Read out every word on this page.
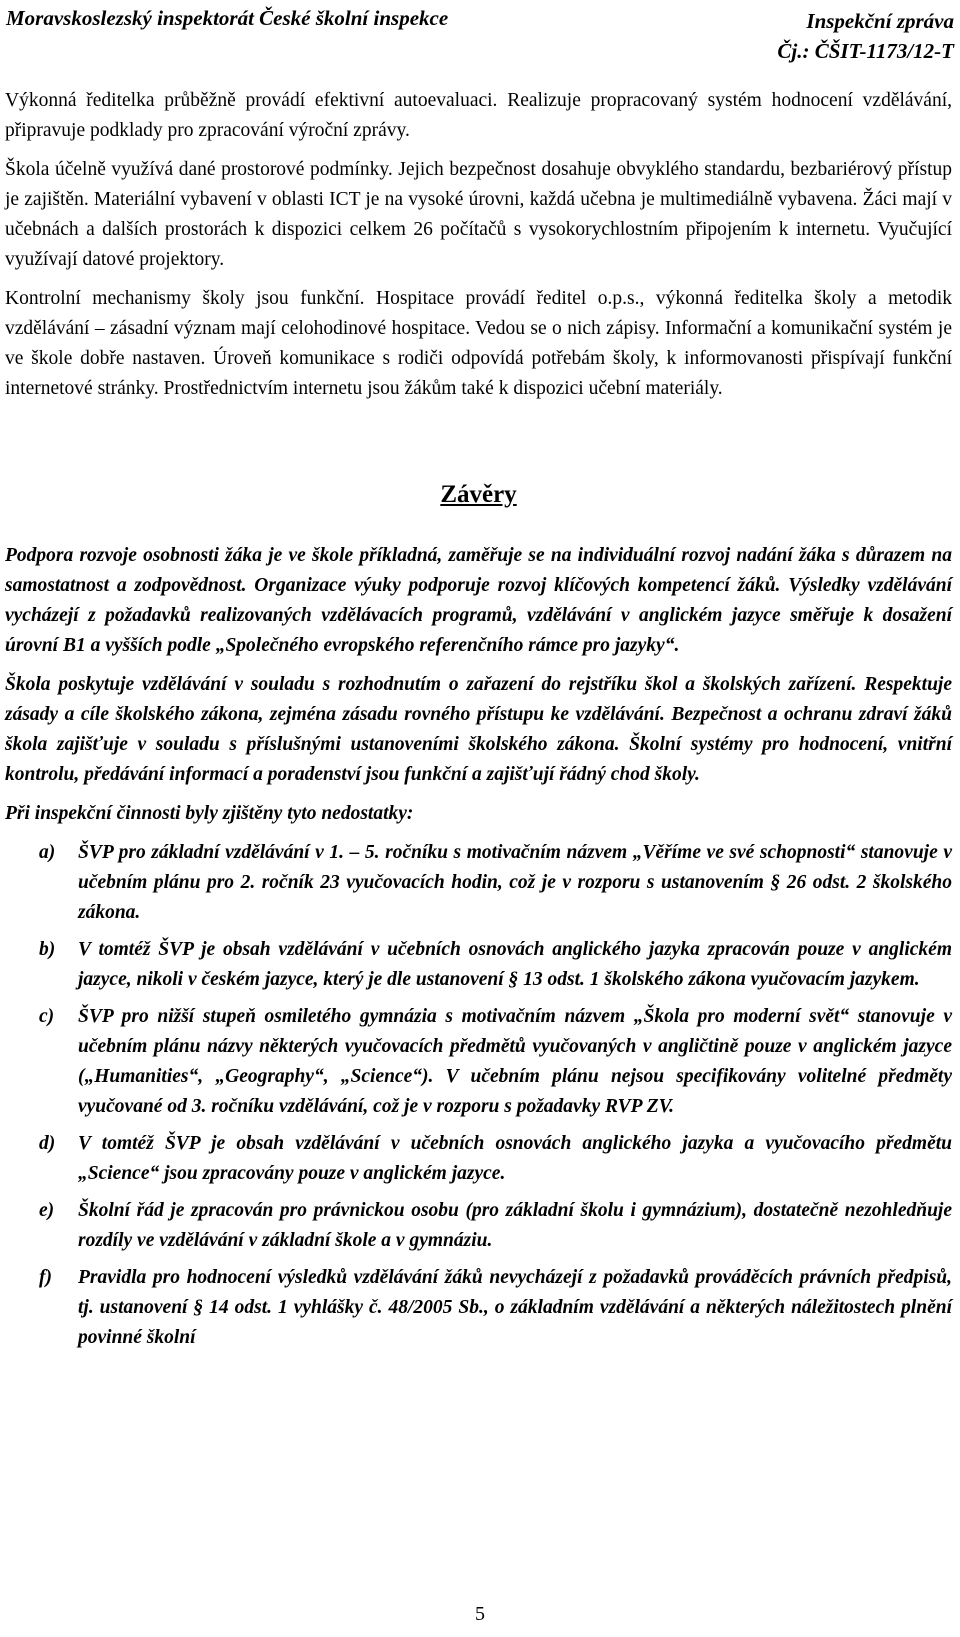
Moravskoslezský inspektorát České školní inspekce	Inspekční zpráva
Čj.: ČŠIT-1173/12-T

Výkonná ředitelka průběžně provádí efektivní autoevaluaci. Realizuje propracovaný systém hodnocení vzdělávání, připravuje podklady pro zpracování výroční zprávy.

Škola účelně využívá dané prostorové podmínky. Jejich bezpečnost dosahuje obvyklého standardu, bezbariérový přístup je zajištěn. Materiální vybavení v oblasti ICT je na vysoké úrovni, každá učebna je multimediálně vybavena. Žáci mají v učebnách a dalších prostorách k dispozici celkem 26 počítačů s vysokorychlostním připojením k internetu. Vyučující využívají datové projektory.

Kontrolní mechanismy školy jsou funkční. Hospitace provádí ředitel o.p.s., výkonná ředitelka školy a metodik vzdělávání – zásadní význam mají celohodinové hospitace. Vedou se o nich zápisy. Informační a komunikační systém je ve škole dobře nastaven. Úroveň komunikace s rodiči odpovídá potřebám školy, k informovanosti přispívají funkční internetové stránky. Prostřednictvím internetu jsou žákům také k dispozici učební materiály.

Závěry

Podpora rozvoje osobnosti žáka je ve škole příkladná, zaměřuje se na individuální rozvoj nadání žáka s důrazem na samostatnost a zodpovědnost. Organizace výuky podporuje rozvoj klíčových kompetencí žáků. Výsledky vzdělávání vycházejí z požadavků realizovaných vzdělávacích programů, vzdělávání v anglickém jazyce směřuje k dosažení úrovní B1 a vyšších podle „Společného evropského referenčního rámce pro jazyky“.

Škola poskytuje vzdělávání v souladu s rozhodnutím o zařazení do rejstříku škol a školských zařízení. Respektuje zásady a cíle školského zákona, zejména zásadu rovného přístupu ke vzdělávání. Bezpečnost a ochranu zdraví žáků škola zajišťuje v souladu s příslušnými ustanoveními školského zákona. Školní systémy pro hodnocení, vnitřní kontrolu, předávání informací a poradenství jsou funkční a zajišťují řádný chod školy.

Při inspekční činnosti byly zjištěny tyto nedostatky:

a) ŠVP pro základní vzdělávání v 1. – 5. ročníku s motivačním názvem „Věříme ve své schopnosti“ stanovuje v učebním plánu pro 2. ročník 23 vyučovacích hodin, což je v rozporu s ustanovením § 26 odst. 2 školského zákona.
b) V tomtéž ŠVP je obsah vzdělávání v učebních osnovách anglického jazyka zpracován pouze v anglickém jazyce, nikoli v českém jazyce, který je dle ustanovení § 13 odst. 1 školského zákona vyučovacím jazykem.
c) ŠVP pro nižší stupeň osmiletého gymnázia s motivačním názvem „Škola pro moderní svět“ stanovuje v učebním plánu názvy některých vyučovacích předmětů vyučovaných v angličtině pouze v anglickém jazyce („Humanities“, „Geography“, „Science“). V učebním plánu nejsou specifikovány volitelné předměty vyučované od 3. ročníku vzdělávání, což je v rozporu s požadavky RVP ZV.
d) V tomtéž ŠVP je obsah vzdělávání v učebních osnovách anglického jazyka a vyučovacího předmětu „Science“ jsou zpracovány pouze v anglickém jazyce.
e) Školní řád je zpracován pro právnickou osobu (pro základní školu i gymnázium), dostatečně nezohledňuje rozdíly ve vzdělávání v základní škole a v gymnáziu.
f) Pravidla pro hodnocení výsledků vzdělávání žáků nevycházejí z požadavků prováděcích právních předpisů, tj. ustanovení § 14 odst. 1 vyhlášky č. 48/2005 Sb., o základním vzdělávání a některých náležitostech plnění povinné školní
5
